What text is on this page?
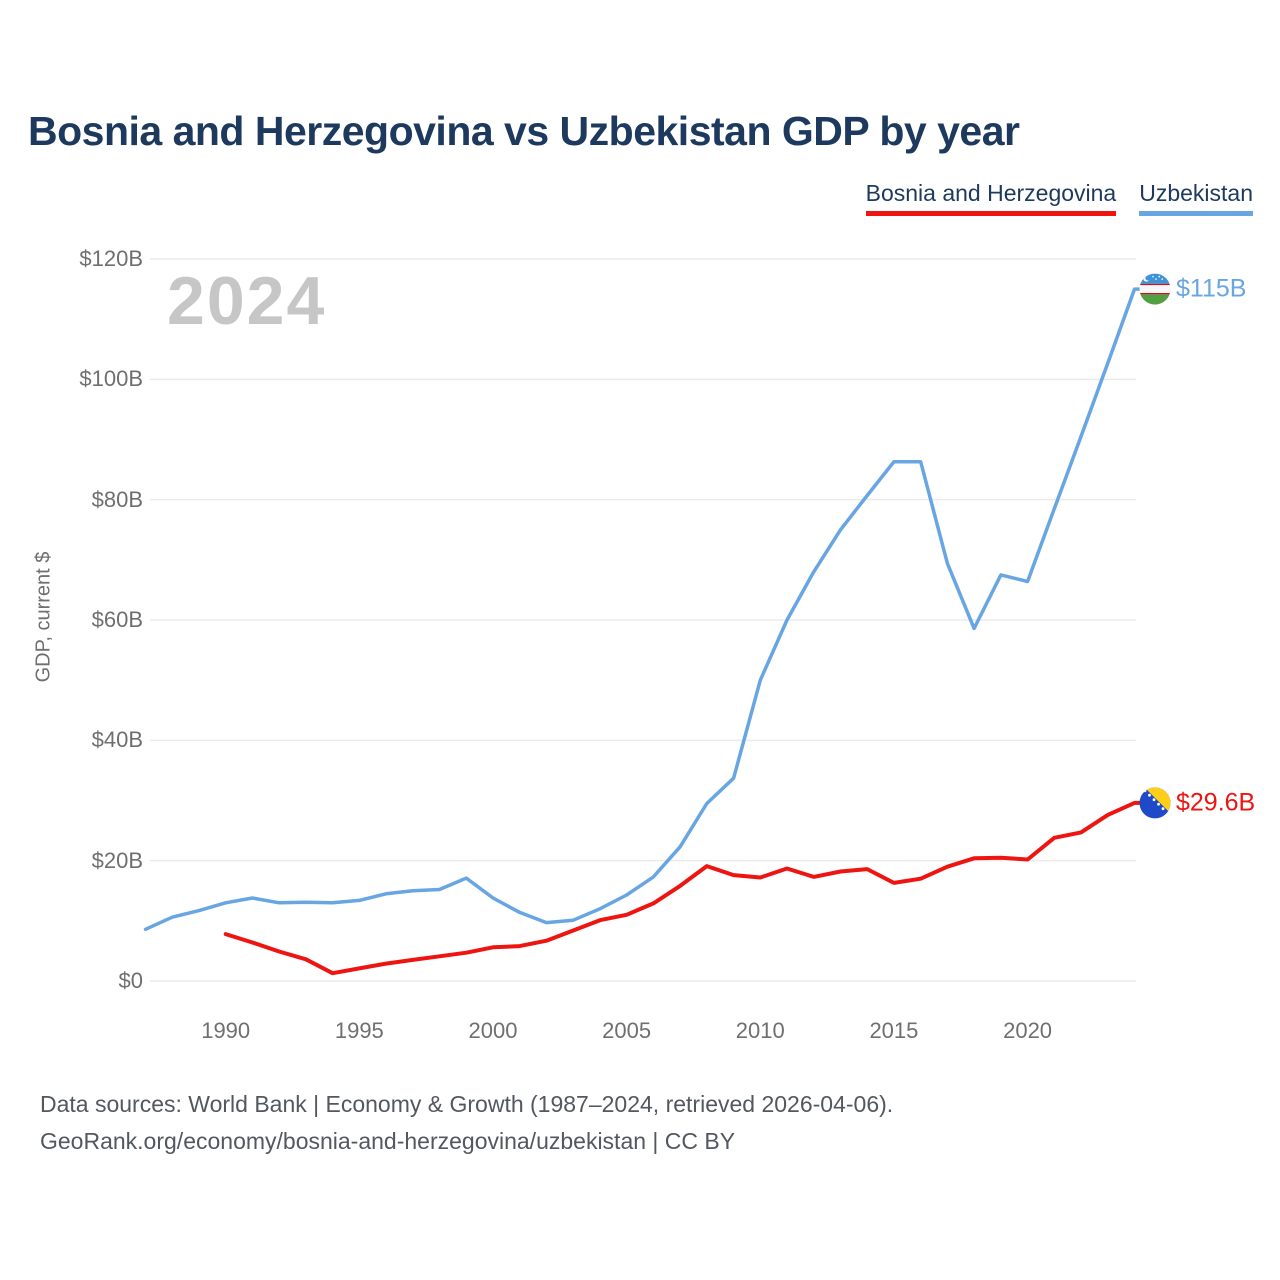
Bosnia and Herzegovina vs Uzbekistan GDP by year
Bosnia and Herzegovina Uzbekistan
2024
GDP, current $
$0
$20B
$40B
$60B
$80B
$100B
$120B
1990	1995	2000	2005	2010	2015	2020
$29.6B
$115B
Data sources: World Bank | Economy & Growth (1987–2024, retrieved 2026-04-06).
GeoRank.org/economy/bosnia-and-herzegovina/uzbekistan | CC BY
